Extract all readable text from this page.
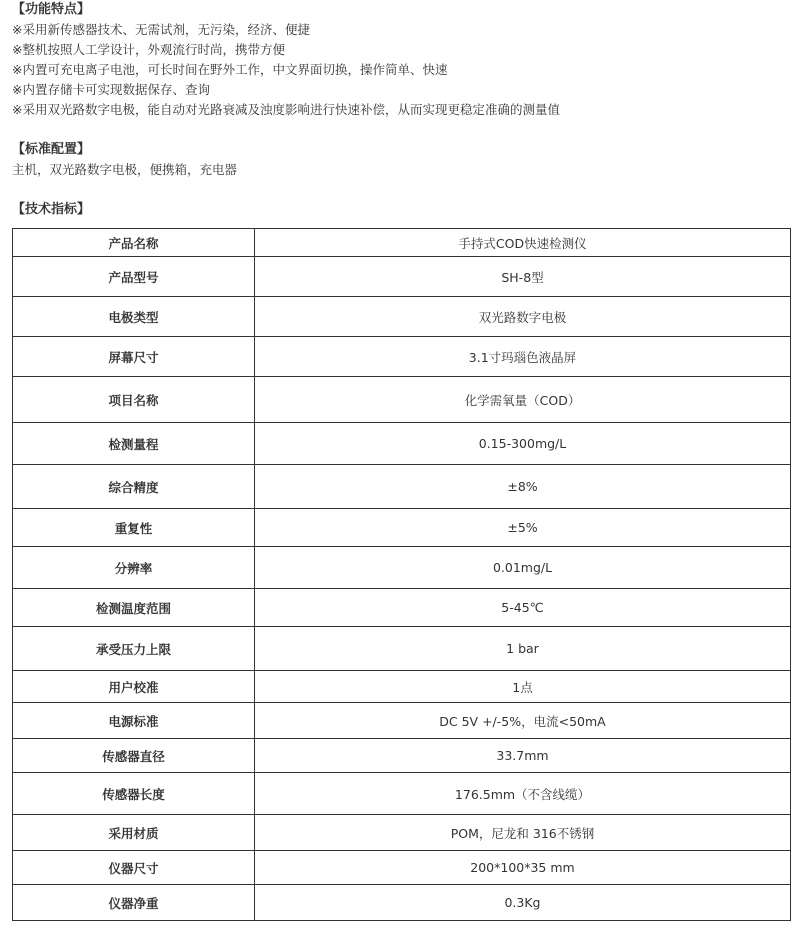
【功能特点】
※采用新传感器技术、无需试剂，无污染，经济、便捷
※整机按照人工学设计，外观流行时尚，携带方便
※内置可充电离子电池，可长时间在野外工作，中文界面切换，操作简单、快速
※内置存储卡可实现数据保存、查询
※采用双光路数字电极，能自动对光路衰减及浊度影响进行快速补偿，从而实现更稳定准确的测量值
【标准配置】
主机，双光路数字电极，便携箱，充电器
【技术指标】
产品名称	手持式COD快速检测仪
产品型号	SH-8型
电极类型	双光路数字电极
屏幕尺寸	3.1寸玛瑙色液晶屏
项目名称	化学需氧量（COD）
检测量程	0.15-300mg/L
综合精度	±8%
重复性	±5%
分辨率	0.01mg/L
检测温度范围	5-45℃
承受压力上限	1 bar
用户校准	1点
电源标准	DC 5V +/-5%，电流<50mA
传感器直径	33.7mm
传感器长度	176.5mm（不含线缆）
采用材质	POM，尼龙和 316不锈钢
仪器尺寸	200*100*35 mm
仪器净重	0.3Kg
